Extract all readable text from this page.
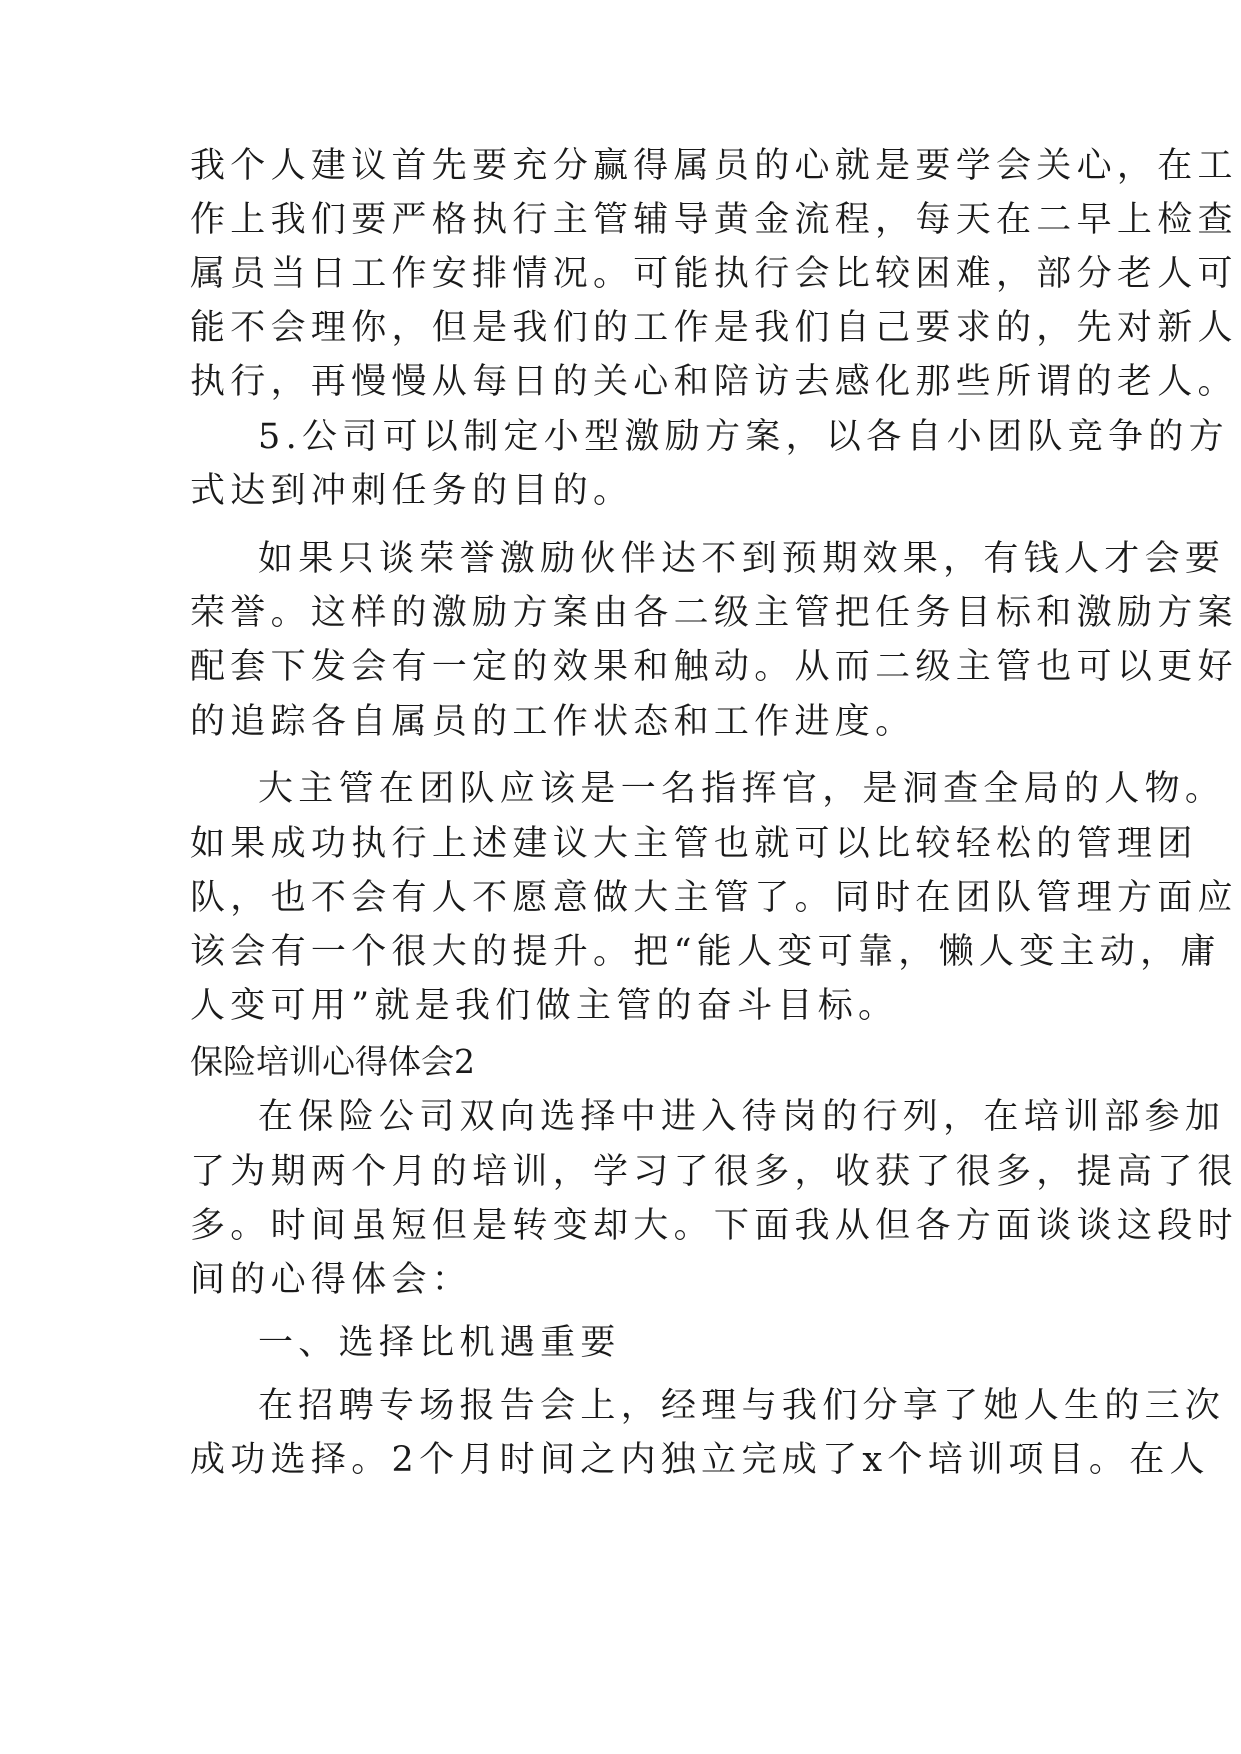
我个人建议首先要充分赢得属员的心就是要学会关心，在工
作上我们要严格执行主管辅导黄金流程，每天在二早上检查
属员当日工作安排情况。可能执行会比较困难，部分老人可
能不会理你，但是我们的工作是我们自己要求的，先对新人
执行，再慢慢从每日的关心和陪访去感化那些所谓的老人。
5.公司可以制定小型激励方案，以各自小团队竞争的方
式达到冲刺任务的目的。
如果只谈荣誉激励伙伴达不到预期效果，有钱人才会要
荣誉。这样的激励方案由各二级主管把任务目标和激励方案
配套下发会有一定的效果和触动。从而二级主管也可以更好
的追踪各自属员的工作状态和工作进度。
大主管在团队应该是一名指挥官，是洞查全局的人物。
如果成功执行上述建议大主管也就可以比较轻松的管理团
队，也不会有人不愿意做大主管了。同时在团队管理方面应
该会有一个很大的提升。把“能人变可靠，懒人变主动，庸
人变可用”就是我们做主管的奋斗目标。
保险培训心得体会2
在保险公司双向选择中进入待岗的行列，在培训部参加
了为期两个月的培训，学习了很多，收获了很多，提高了很
多。时间虽短但是转变却大。下面我从但各方面谈谈这段时
间的心得体会：
一、选择比机遇重要
在招聘专场报告会上，经理与我们分享了她人生的三次
成功选择。2个月时间之内独立完成了x个培训项目。在人
